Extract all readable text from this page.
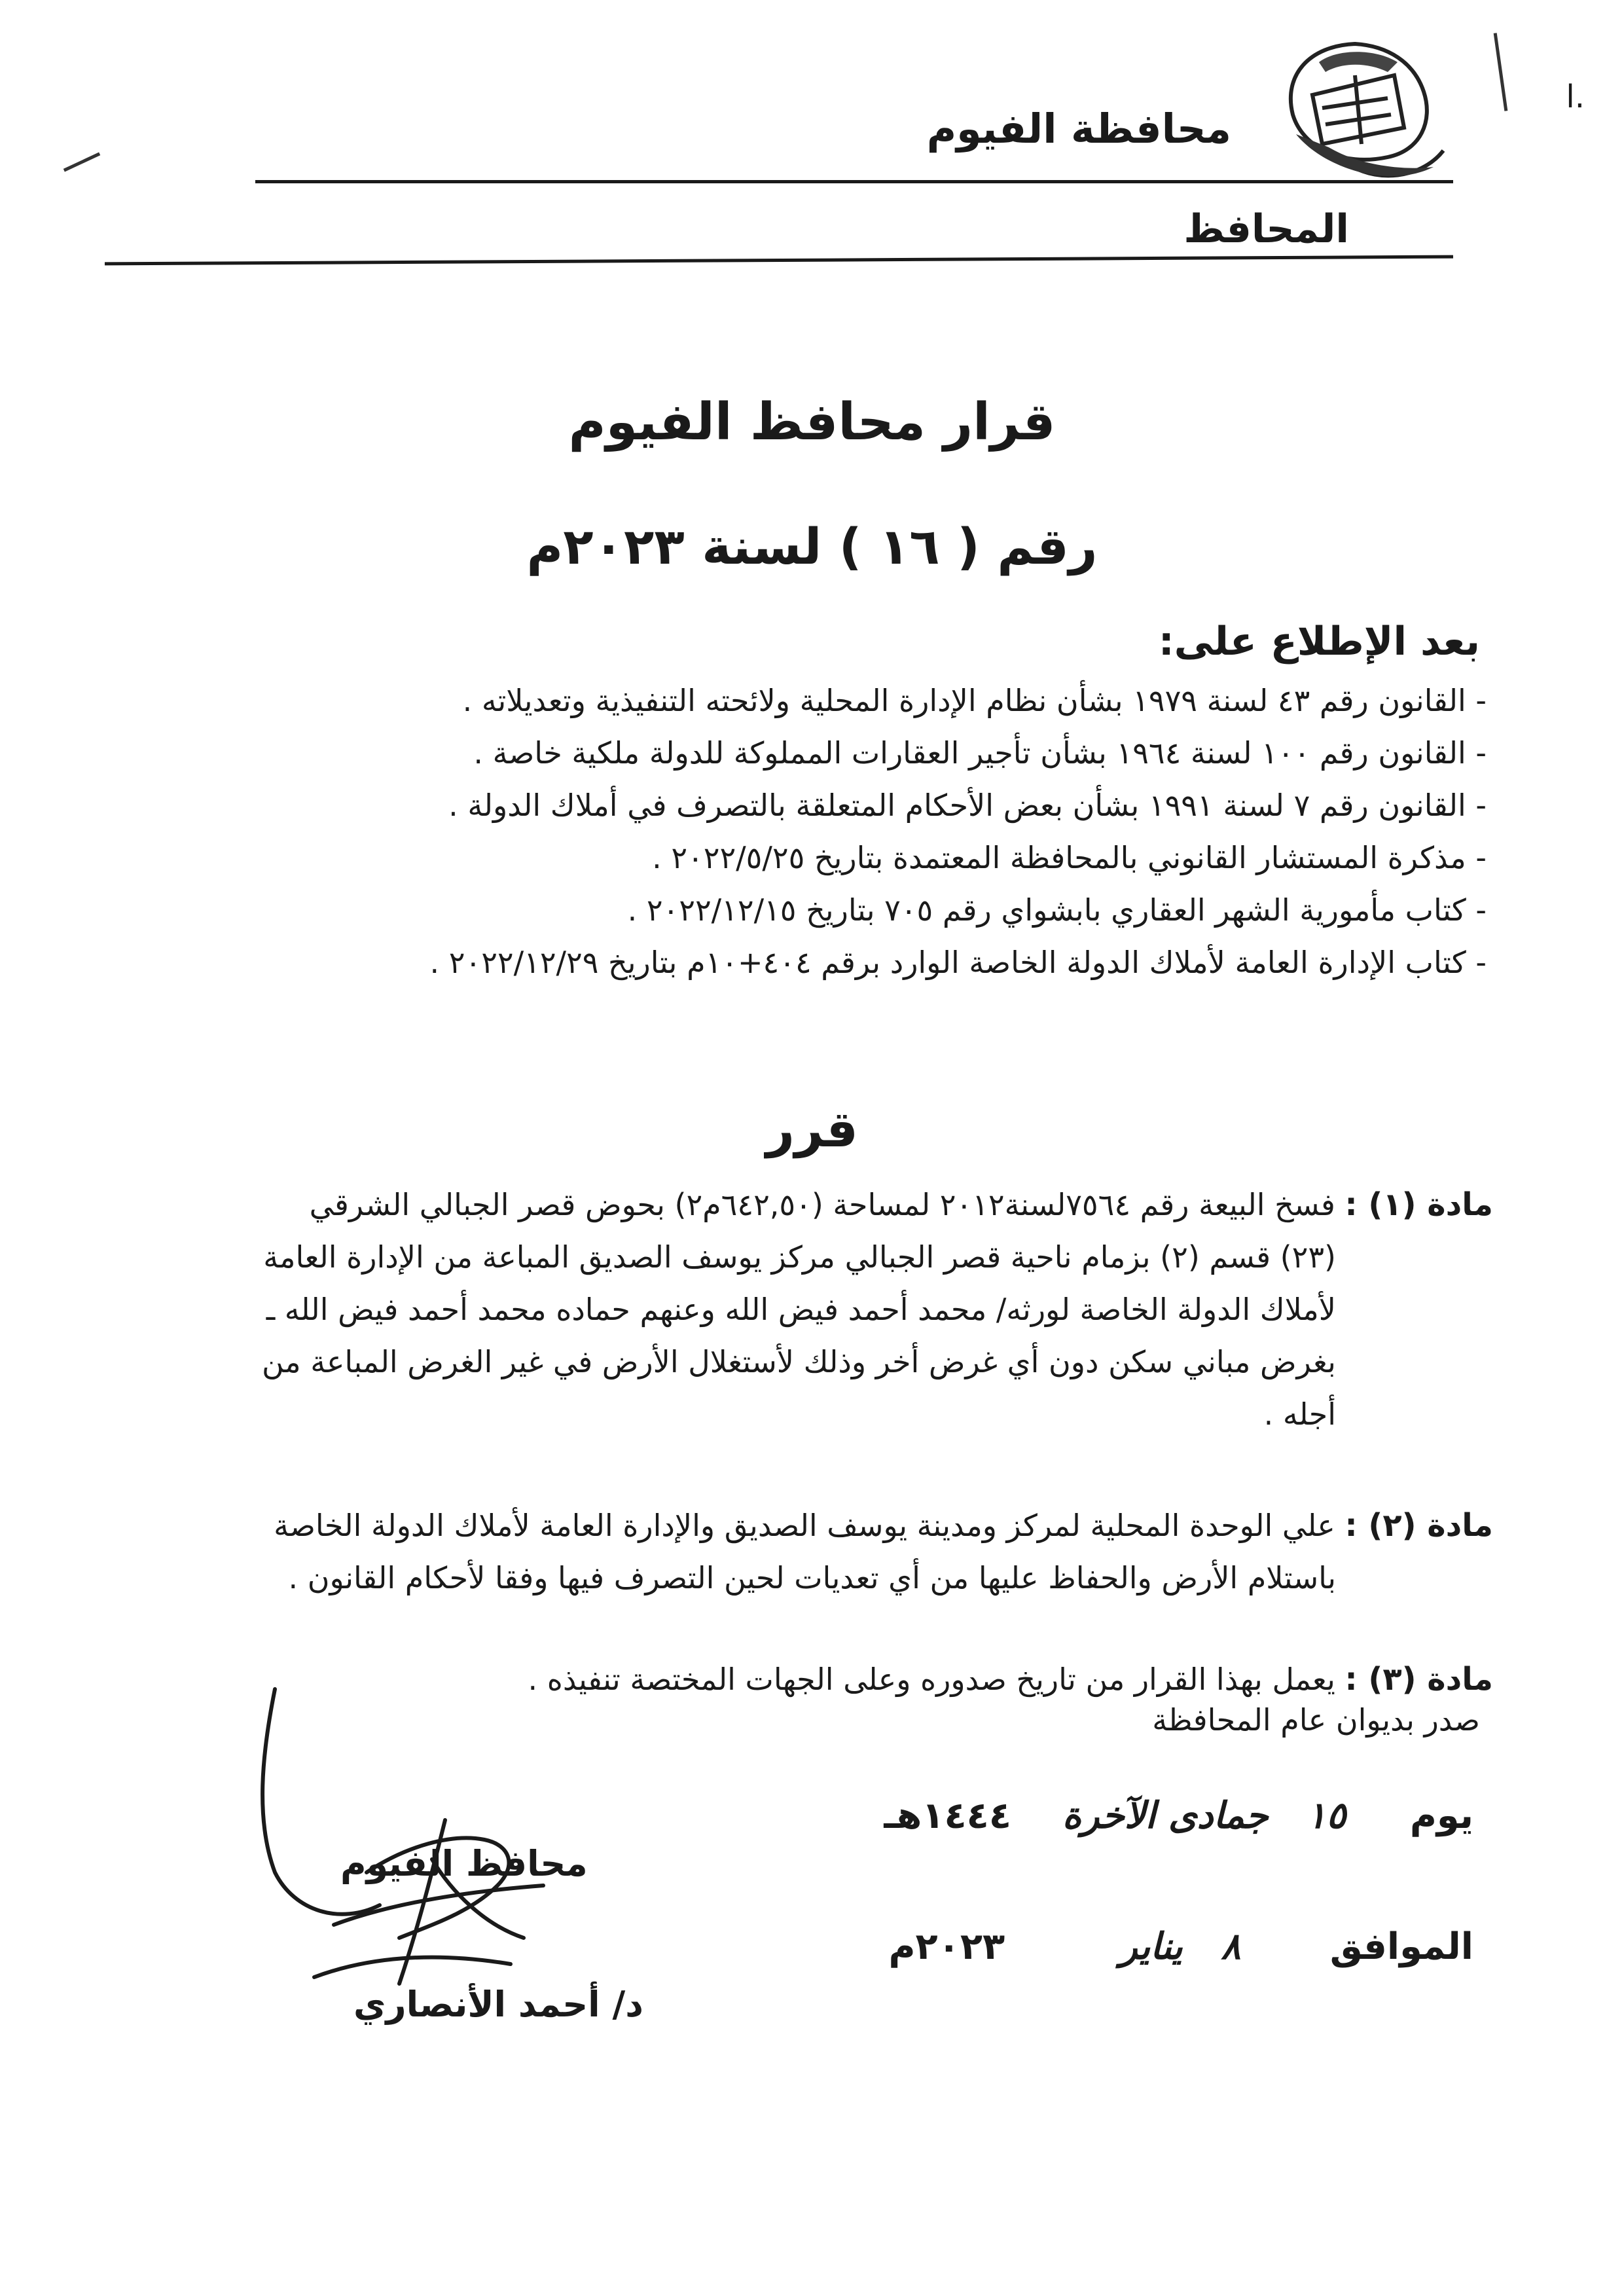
ا.
محافظة الفيوم
المحافظ
قرار محافظ الفيوم
رقم ( ١٦ ) لسنة ٢٠٢٣م
بعد الإطلاع على:
- القانون رقم ٤٣ لسنة ١٩٧٩ بشأن نظام الإدارة المحلية ولائحته التنفيذية وتعديلاته .
- القانون رقم ١٠٠ لسنة ١٩٦٤ بشأن تأجير العقارات المملوكة للدولة ملكية خاصة .
- القانون رقم ٧ لسنة ١٩٩١ بشأن بعض الأحكام المتعلقة بالتصرف في أملاك الدولة .
- مذكرة المستشار القانوني بالمحافظة المعتمدة بتاريخ ٢٠٢٢/٥/٢٥ .
- كتاب مأمورية الشهر العقاري بابشواي رقم ٧٠٥ بتاريخ ٢٠٢٢/١٢/١٥ .
- كتاب الإدارة العامة لأملاك الدولة الخاصة الوارد برقم ٤٠٤+١٠م بتاريخ ٢٠٢٢/١٢/٢٩ .
قرر
مادة (١) : فسخ البيعة رقم ٧٥٦٤لسنة٢٠١٢ لمساحة (٦٤٢,٥٠م٢) بحوض قصر الجبالي الشرقي
(٢٣) قسم (٢) بزمام ناحية قصر الجبالي مركز يوسف الصديق المباعة من الإدارة العامة
لأملاك الدولة الخاصة لورثه/ محمد أحمد فيض الله وعنهم حماده محمد أحمد فيض الله ـ
بغرض مباني سكن دون أي غرض أخر وذلك لأستغلال الأرض في غير الغرض المباعة من
أجله .
مادة (٢) : علي الوحدة المحلية لمركز ومدينة يوسف الصديق والإدارة العامة لأملاك الدولة الخاصة
باستلام الأرض والحفاظ عليها من أي تعديات لحين التصرف فيها وفقا لأحكام القانون .
مادة (٣) : يعمل بهذا القرار من تاريخ صدوره وعلى الجهات المختصة تنفيذه .
صدر بديوان عام المحافظة
يوم     ١٥   جمادى الآخرة    ١٤٤٤هـ
الموافق       ٨   يناير         ٢٠٢٣م
محافظ الفيوم
د/ أحمد الأنصاري
